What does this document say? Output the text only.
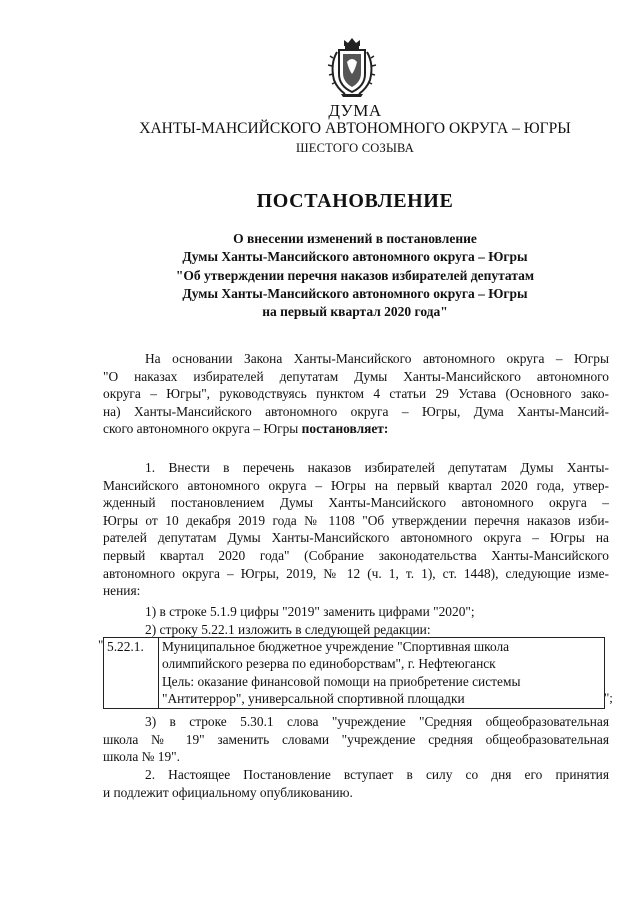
ДУМА

ХАНТЫ-МАНСИЙСКОГО АВТОНОМНОГО ОКРУГА – ЮГРЫ

ШЕСТОГО СОЗЫВА

ПОСТАНОВЛЕНИЕ

О внесении изменений в постановление
Думы Ханты-Мансийского автономного округа – Югры
"Об утверждении перечня наказов избирателей депутатам
Думы Ханты-Мансийского автономного округа – Югры
на первый квартал 2020 года"
На основании Закона Ханты-Мансийского автономного округа – Югры
"О наказах избирателей депутатам Думы Ханты-Мансийского автономного
округа – Югры", руководствуясь пунктом 4 статьи 29 Устава (Основного зако-
на) Ханты-Мансийского автономного округа – Югры, Дума Ханты-Мансий-
ского автономного округа – Югры постановляет:
1. Внести в перечень наказов избирателей депутатам Думы Ханты-
Мансийского автономного округа – Югры на первый квартал 2020 года, утвер-
жденный постановлением Думы Ханты-Мансийского автономного округа –
Югры от 10 декабря 2019 года № 1108 "Об утверждении перечня наказов изби-
рателей депутатам Думы Ханты-Мансийского автономного округа – Югры на
первый квартал 2020 года" (Собрание законодательства Ханты-Мансийского
автономного округа – Югры, 2019, № 12 (ч. 1, т. 1), ст. 1448), следующие изме-
нения:
1) в строке 5.1.9 цифры "2019" заменить цифрами "2020";
2) строку 5.22.1 изложить в следующей редакции:
" 5.22.1.	Муниципальное бюджетное учреждение "Спортивная школа
олимпийского резерва по единоборствам", г. Нефтеюганск
Цель: оказание финансовой помощи на приобретение системы
"Антитеррор", универсальной спортивной площадки	";
3) в строке 5.30.1 слова "учреждение "Средняя общеобразовательная
школа № 19" заменить словами "учреждение средняя общеобразовательная
школа № 19".
2. Настоящее Постановление вступает в силу со дня его принятия
и подлежит официальному опубликованию.
